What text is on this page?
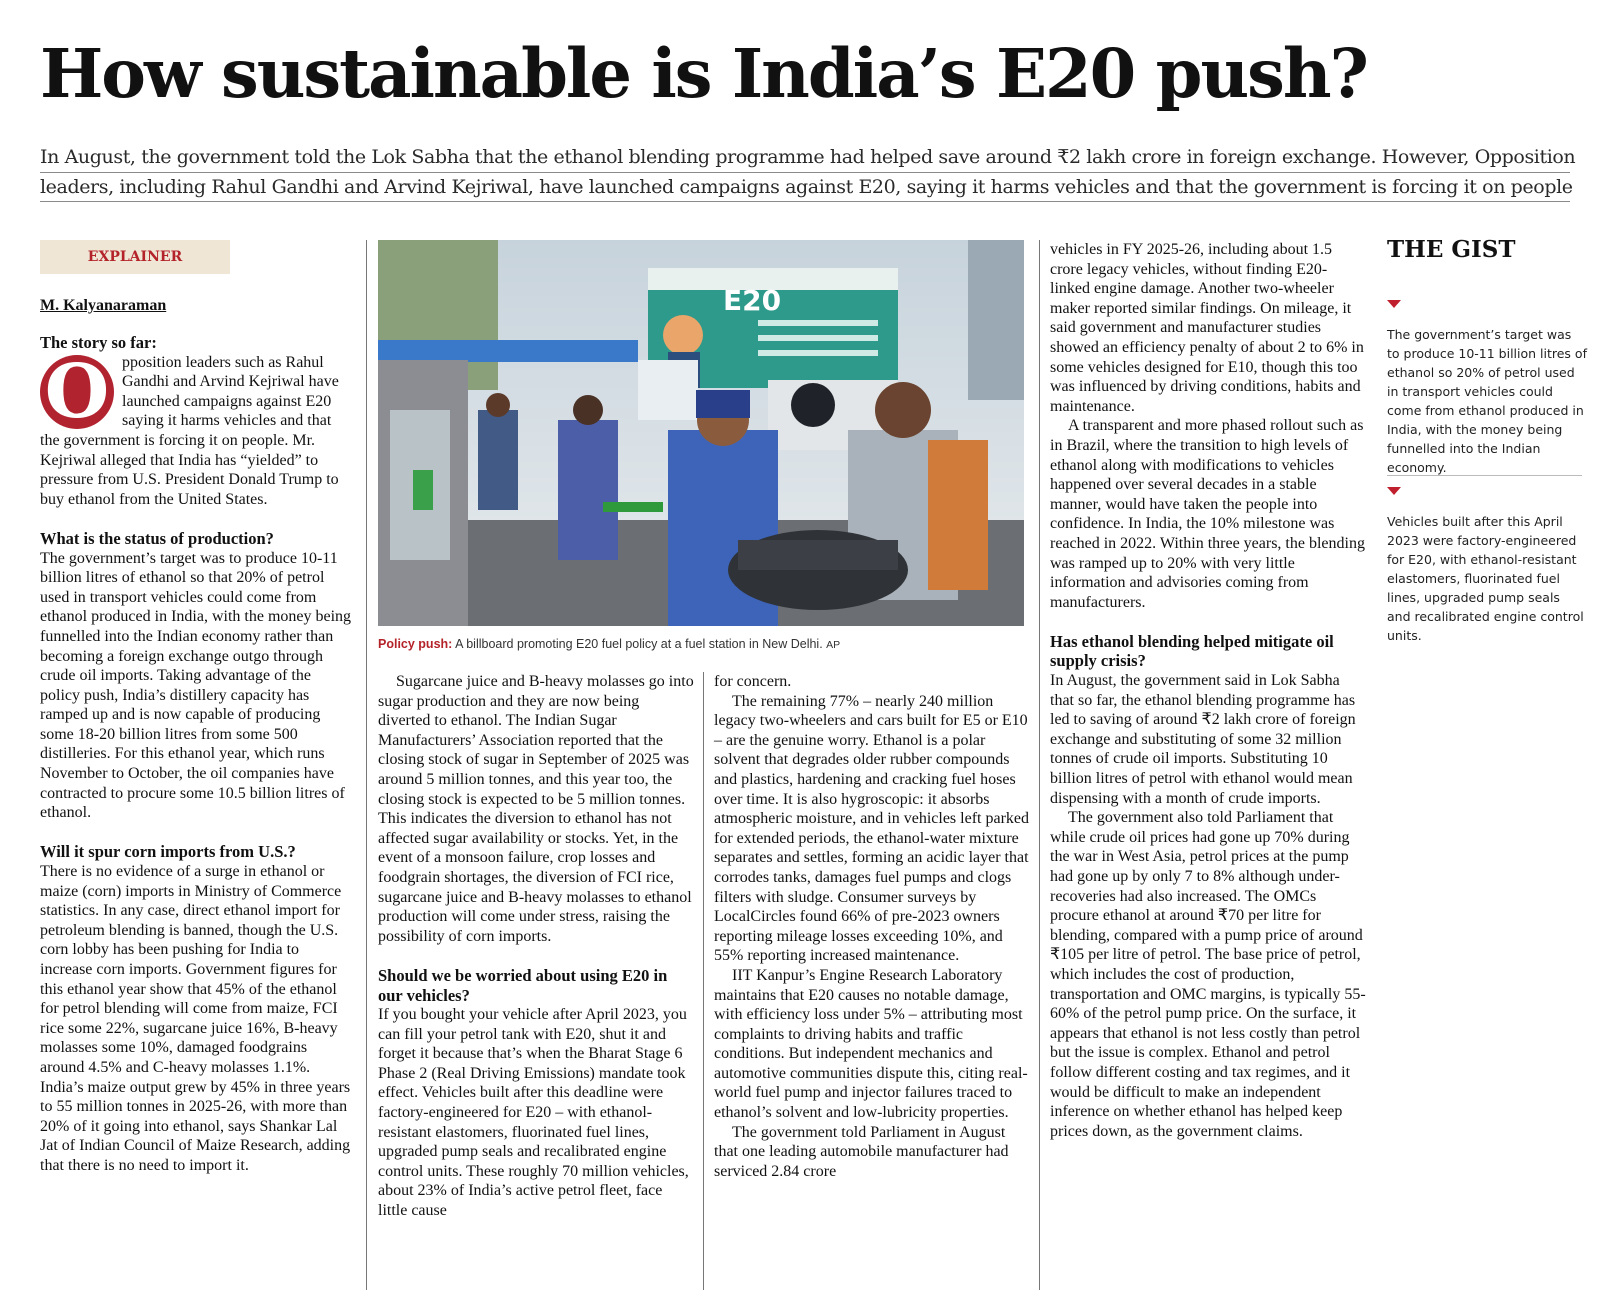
How sustainable is India’s E20 push?
In August, the government told the Lok Sabha that the ethanol blending programme had helped save around ₹2 lakh crore in foreign exchange. However, Opposition
leaders, including Rahul Gandhi and Arvind Kejriwal, have launched campaigns against E20, saying it harms vehicles and that the government is forcing it on people
EXPLAINER
M. Kalyanaraman
The story so far:

O pposition leaders such as Rahul Gandhi and Arvind Kejriwal have launched campaigns against E20 saying it harms vehicles and that the government is forcing it on people. Mr. Kejriwal alleged that India has “yielded” to pressure from U.S. President Donald Trump to buy ethanol from the United States.

What is the status of production?

The government’s target was to produce 10-11 billion litres of ethanol so that 20% of petrol used in transport vehicles could come from ethanol produced in India, with the money being funnelled into the Indian economy rather than becoming a foreign exchange outgo through crude oil imports. Taking advantage of the policy push, India’s distillery capacity has ramped up and is now capable of producing some 18-20 billion litres from some 500 distilleries. For this ethanol year, which runs November to October, the oil companies have contracted to procure some 10.5 billion litres of ethanol.

Will it spur corn imports from U.S.?

There is no evidence of a surge in ethanol or maize (corn) imports in Ministry of Commerce statistics. In any case, direct ethanol import for petroleum blending is banned, though the U.S. corn lobby has been pushing for India to increase corn imports. Government figures for this ethanol year show that 45% of the ethanol for petrol blending will come from maize, FCI rice some 22%, sugarcane juice 16%, B-heavy molasses some 10%, damaged foodgrains around 4.5% and C-heavy molasses 1.1%. India’s maize output grew by 45% in three years to 55 million tonnes in 2025-26, with more than 20% of it going into ethanol, says Shankar Lal Jat of Indian Council of Maize Research, adding that there is no need to import it.

E20
Policy push: A billboard promoting E20 fuel policy at a fuel station in New Delhi. AP

Sugarcane juice and B-heavy molasses go into sugar production and they are now being diverted to ethanol. The Indian Sugar Manufacturers’ Association reported that the closing stock of sugar in September of 2025 was around 5 million tonnes, and this year too, the closing stock is expected to be 5 million tonnes. This indicates the diversion to ethanol has not affected sugar availability or stocks. Yet, in the event of a monsoon failure, crop losses and foodgrain shortages, the diversion of FCI rice, sugarcane juice and B-heavy molasses to ethanol production will come under stress, raising the possibility of corn imports.

Should we be worried about using E20 in our vehicles?

If you bought your vehicle after April 2023, you can fill your petrol tank with E20, shut it and forget it because that’s when the Bharat Stage 6 Phase 2 (Real Driving Emissions) mandate took effect. Vehicles built after this deadline were factory-engineered for E20 – with ethanol-resistant elastomers, fluorinated fuel lines, upgraded pump seals and recalibrated engine control units. These roughly 70 million vehicles, about 23% of India’s active petrol fleet, face little cause

for concern.

The remaining 77% – nearly 240 million legacy two-wheelers and cars built for E5 or E10 – are the genuine worry. Ethanol is a polar solvent that degrades older rubber compounds and plastics, hardening and cracking fuel hoses over time. It is also hygroscopic: it absorbs atmospheric moisture, and in vehicles left parked for extended periods, the ethanol-water mixture separates and settles, forming an acidic layer that corrodes tanks, damages fuel pumps and clogs filters with sludge. Consumer surveys by LocalCircles found 66% of pre-2023 owners reporting mileage losses exceeding 10%, and 55% reporting increased maintenance.

IIT Kanpur’s Engine Research Laboratory maintains that E20 causes no notable damage, with efficiency loss under 5% – attributing most complaints to driving habits and traffic conditions. But independent mechanics and automotive communities dispute this, citing real-world fuel pump and injector failures traced to ethanol’s solvent and low-lubricity properties.

The government told Parliament in August that one leading automobile manufacturer had serviced 2.84 crore

vehicles in FY 2025-26, including about 1.5 crore legacy vehicles, without finding E20-linked engine damage. Another two-wheeler maker reported similar findings. On mileage, it said government and manufacturer studies showed an efficiency penalty of about 2 to 6% in some vehicles designed for E10, though this too was influenced by driving conditions, habits and maintenance.

A transparent and more phased rollout such as in Brazil, where the transition to high levels of ethanol along with modifications to vehicles happened over several decades in a stable manner, would have taken the people into confidence. In India, the 10% milestone was reached in 2022. Within three years, the blending was ramped up to 20% with very little information and advisories coming from manufacturers.

Has ethanol blending helped mitigate oil supply crisis?

In August, the government said in Lok Sabha that so far, the ethanol blending programme has led to saving of around ₹2 lakh crore of foreign exchange and substituting of some 32 million tonnes of crude oil imports. Substituting 10 billion litres of petrol with ethanol would mean dispensing with a month of crude imports.

The government also told Parliament that while crude oil prices had gone up 70% during the war in West Asia, petrol prices at the pump had gone up by only 7 to 8% although under-recoveries had also increased. The OMCs procure ethanol at around ₹70 per litre for blending, compared with a pump price of around ₹105 per litre of petrol. The base price of petrol, which includes the cost of production, transportation and OMC margins, is typically 55-60% of the petrol pump price. On the surface, it appears that ethanol is not less costly than petrol but the issue is complex. Ethanol and petrol follow different costing and tax regimes, and it would be difficult to make an independent inference on whether ethanol has helped keep prices down, as the government claims.

THE GIST

The government’s target was to produce 10-11 billion litres of ethanol so 20% of petrol used in transport vehicles could come from ethanol produced in India, with the money being funnelled into the Indian economy.

Vehicles built after this April 2023 were factory-engineered for E20, with ethanol-resistant elastomers, fluorinated fuel lines, upgraded pump seals and recalibrated engine control units.
